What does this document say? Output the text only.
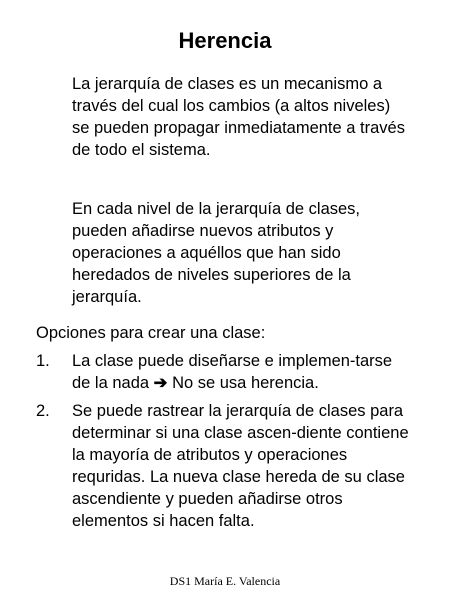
Herencia

La jerarquía de clases es un mecanismo a través del cual los cambios (a altos niveles) se pueden propagar inmediatamente a través de todo el sistema.

En cada nivel de la jerarquía de clases, pueden añadirse nuevos atributos y operaciones a aquéllos que han sido heredados de niveles superiores de la jerarquía.

Opciones para crear una clase:

1.	La clase puede diseñarse e implemen-tarse de la nada ➔ No se usa herencia.
2.	Se puede rastrear la jerarquía de clases para determinar si una clase ascen-diente contiene la mayoría de atributos y operaciones requridas. La nueva clase hereda de su clase ascendiente y pueden añadirse otros elementos si hacen falta.
DS1 María E. Valencia
